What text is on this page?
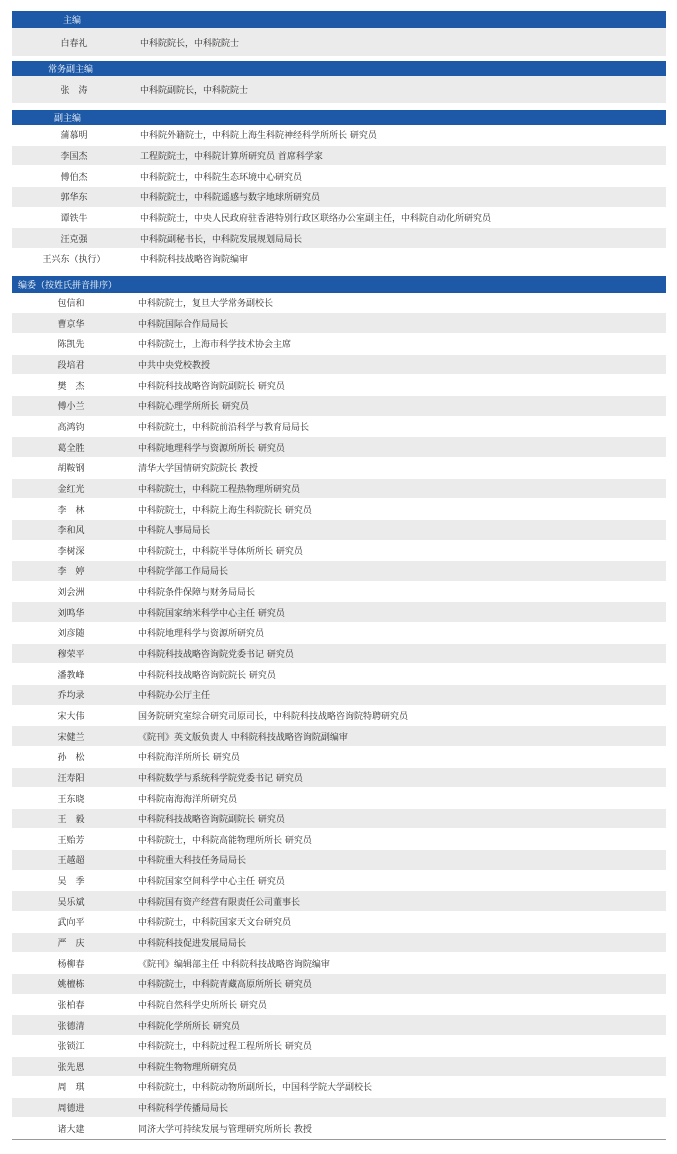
主编
白春礼	中科院院长，中科院院士
常务副主编
张　涛	中科院副院长，中科院院士
副主编
蒲慕明	中科院外籍院士，中科院上海生科院神经科学所所长 研究员
李国杰	工程院院士，中科院计算所研究员 首席科学家
傅伯杰	中科院院士，中科院生态环境中心研究员
郭华东	中科院院士，中科院遥感与数字地球所研究员
谭铁牛	中科院院士，中央人民政府驻香港特别行政区联络办公室副主任，中科院自动化所研究员
汪克强	中科院副秘书长，中科院发展规划局局长
王兴东（执行）	中科院科技战略咨询院编审
编委（按姓氏拼音排序）
包信和	中科院院士，复旦大学常务副校长
曹京华	中科院国际合作局局长
陈凯先	中科院院士，上海市科学技术协会主席
段培君	中共中央党校教授
樊　杰	中科院科技战略咨询院副院长 研究员
傅小兰	中科院心理学所所长 研究员
高鸿钧	中科院院士，中科院前沿科学与教育局局长
葛全胜	中科院地理科学与资源所所长 研究员
胡鞍钢	清华大学国情研究院院长 教授
金红光	中科院院士，中科院工程热物理所研究员
李　林	中科院院士，中科院上海生科院院长 研究员
李和风	中科院人事局局长
李树深	中科院院士，中科院半导体所所长 研究员
李　婷	中科院学部工作局局长
刘会洲	中科院条件保障与财务局局长
刘鸣华	中科院国家纳米科学中心主任 研究员
刘彦随	中科院地理科学与资源所研究员
穆荣平	中科院科技战略咨询院党委书记 研究员
潘教峰	中科院科技战略咨询院院长 研究员
乔均录	中科院办公厅主任
宋大伟	国务院研究室综合研究司原司长，中科院科技战略咨询院特聘研究员
宋健兰	《院刊》英文版负责人 中科院科技战略咨询院副编审
孙　松	中科院海洋所所长 研究员
汪寿阳	中科院数学与系统科学院党委书记 研究员
王东晓	中科院南海海洋所研究员
王　毅	中科院科技战略咨询院副院长 研究员
王贻芳	中科院院士，中科院高能物理所所长 研究员
王越超	中科院重大科技任务局局长
吴　季	中科院国家空间科学中心主任 研究员
吴乐斌	中科院国有资产经营有限责任公司董事长
武向平	中科院院士，中科院国家天文台研究员
严　庆	中科院科技促进发展局局长
杨柳春	《院刊》编辑部主任 中科院科技战略咨询院编审
姚檀栋	中科院院士，中科院青藏高原所所长 研究员
张柏春	中科院自然科学史所所长 研究员
张德清	中科院化学所所长 研究员
张锁江	中科院院士，中科院过程工程所所长 研究员
张先恩	中科院生物物理所研究员
周　琪	中科院院士，中科院动物所副所长，中国科学院大学副校长
周德进	中科院科学传播局局长
诸大建	同济大学可持续发展与管理研究所所长 教授
